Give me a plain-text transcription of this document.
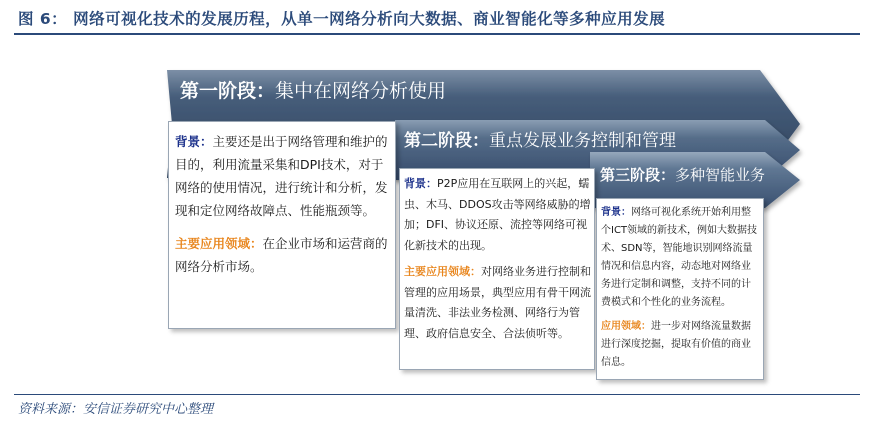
图 6： 网络可视化技术的发展历程，从单一网络分析向大数据、商业智能化等多种应用发展
第一阶段：集中在网络分析使用
第二阶段：重点发展业务控制和管理
第三阶段：多种智能业务

背景：主要还是出于网络管理和维护的目的，利用流量采集和DPI技术，对于网络的使用情况，进行统计和分析，发现和定位网络故障点、性能瓶颈等。

主要应用领域：在企业市场和运营商的网络分析市场。

背景：P2P应用在互联网上的兴起，蠕虫、木马、DDOS攻击等网络威胁的增加；DFI、协议还原、流控等网络可视化新技术的出现。

主要应用领域：对网络业务进行控制和管理的应用场景，典型应用有骨干网流量清洗、非法业务检测、网络行为管理、政府信息安全、合法侦听等。

背景：网络可视化系统开始利用整个ICT领域的新技术，例如大数据技术、SDN等，智能地识别网络流量情况和信息内容，动态地对网络业务进行定制和调整，支持不同的计费模式和个性化的业务流程。

应用领域：进一步对网络流量数据进行深度挖掘，提取有价值的商业信息。

资料来源：安信证券研究中心整理
